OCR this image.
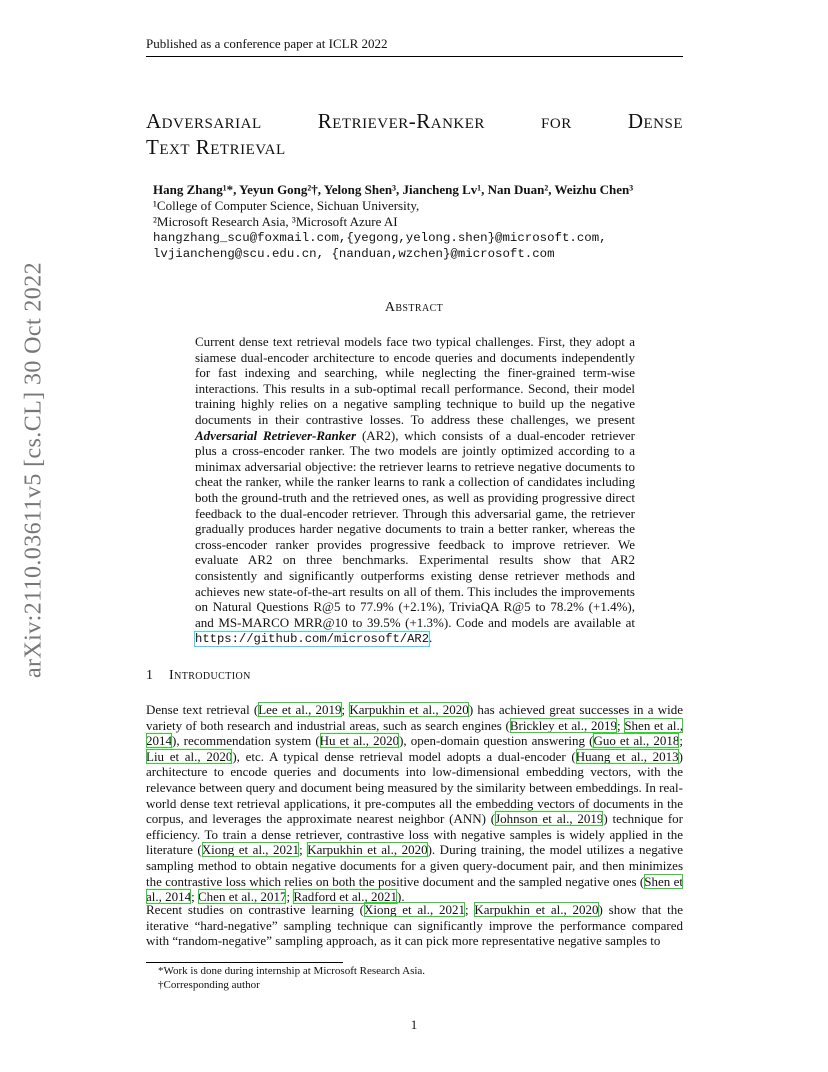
Published as a conference paper at ICLR 2022
arXiv:2110.03611v5 [cs.CL] 30 Oct 2022
Adversarial	Retriever-Ranker	for	Dense
Text Retrieval
Hang Zhang¹*, Yeyun Gong²†, Yelong Shen³, Jiancheng Lv¹, Nan Duan², Weizhu Chen³
¹College of Computer Science, Sichuan University,
²Microsoft Research Asia, ³Microsoft Azure AI
hangzhang_scu@foxmail.com,{yegong,yelong.shen}@microsoft.com,
lvjiancheng@scu.edu.cn, {nanduan,wzchen}@microsoft.com
Abstract
Current dense text retrieval models face two typical challenges. First, they adopt a siamese dual-encoder architecture to encode queries and documents independently for fast indexing and searching, while neglecting the finer-grained term-wise interactions. This results in a sub-optimal recall performance. Second, their model training highly relies on a negative sampling technique to build up the negative documents in their contrastive losses. To address these challenges, we present Adversarial Retriever-Ranker (AR2), which consists of a dual-encoder retriever plus a cross-encoder ranker. The two models are jointly optimized according to a minimax adversarial objective: the retriever learns to retrieve negative documents to cheat the ranker, while the ranker learns to rank a collection of candidates including both the ground-truth and the retrieved ones, as well as providing progressive direct feedback to the dual-encoder retriever. Through this adversarial game, the retriever gradually produces harder negative documents to train a better ranker, whereas the cross-encoder ranker provides progressive feedback to improve retriever. We evaluate AR2 on three benchmarks. Experimental results show that AR2 consistently and significantly outperforms existing dense retriever methods and achieves new state-of-the-art results on all of them. This includes the improvements on Natural Questions R@5 to 77.9% (+2.1%), TriviaQA R@5 to 78.2% (+1.4%), and MS-MARCO MRR@10 to 39.5% (+1.3%). Code and models are available at https://github.com/microsoft/AR2.
1 Introduction
Dense text retrieval (Lee et al., 2019; Karpukhin et al., 2020) has achieved great successes in a wide variety of both research and industrial areas, such as search engines (Brickley et al., 2019; Shen et al., 2014), recommendation system (Hu et al., 2020), open-domain question answering (Guo et al., 2018; Liu et al., 2020), etc. A typical dense retrieval model adopts a dual-encoder (Huang et al., 2013) architecture to encode queries and documents into low-dimensional embedding vectors, with the relevance between query and document being measured by the similarity between embeddings. In real-world dense text retrieval applications, it pre-computes all the embedding vectors of documents in the corpus, and leverages the approximate nearest neighbor (ANN) (Johnson et al., 2019) technique for efficiency. To train a dense retriever, contrastive loss with negative samples is widely applied in the literature (Xiong et al., 2021; Karpukhin et al., 2020). During training, the model utilizes a negative sampling method to obtain negative documents for a given query-document pair, and then minimizes the contrastive loss which relies on both the positive document and the sampled negative ones (Shen et al., 2014; Chen et al., 2017; Radford et al., 2021).
Recent studies on contrastive learning (Xiong et al., 2021; Karpukhin et al., 2020) show that the iterative “hard-negative” sampling technique can significantly improve the performance compared with “random-negative” sampling approach, as it can pick more representative negative samples to
*Work is done during internship at Microsoft Research Asia.
†Corresponding author
1
